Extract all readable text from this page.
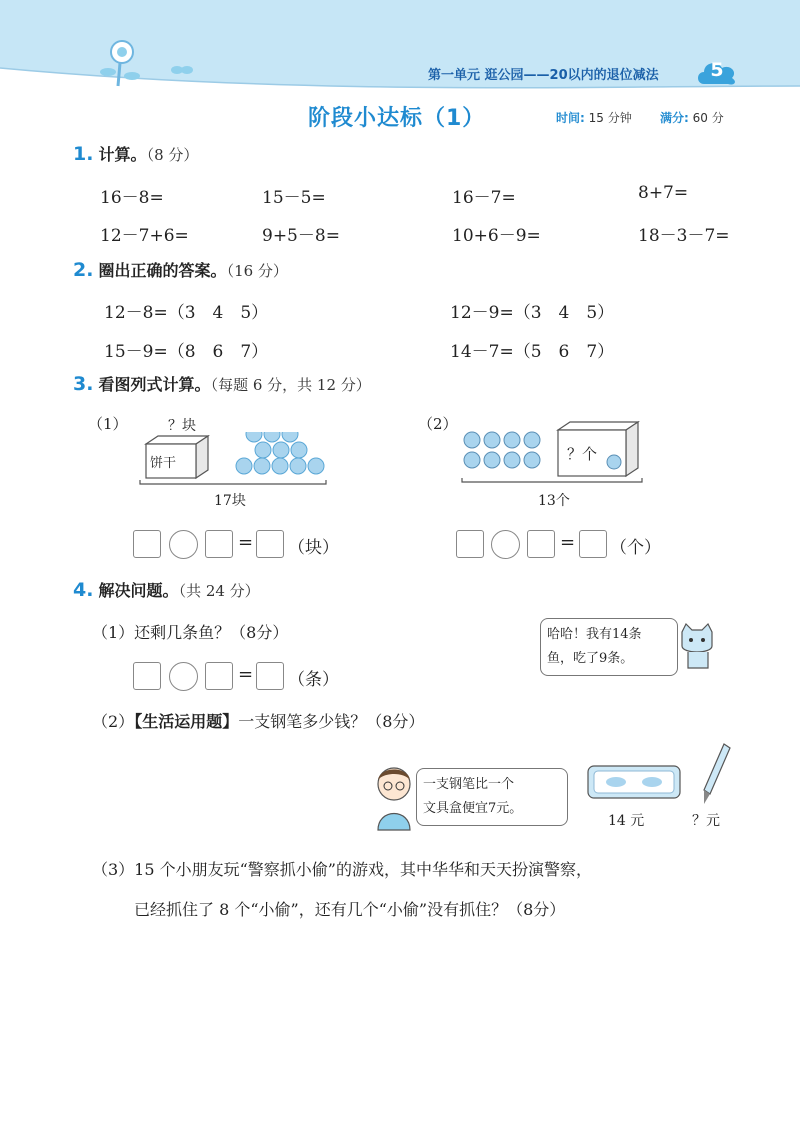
第一单元 逛公园——20以内的退位减法	5
阶段小达标（1）	时间: 15 分钟 满分: 60 分
1. 计算。（8 分）
16－8=	15－5=	16－7=	8+7=
12－7+6=	9+5－8=	10+6－9=	18－3－7=
2. 圈出正确的答案。（16 分）
12－8=（3　4　5）	12－9=（3　4　5）
15－9=（8　6　7）	14－7=（5　6　7）
3. 看图列式计算。（每题 6 分，共 12 分）
（1）	？块
饼干
17块
= （块）
（2）
？个
13个
= （个）
4. 解决问题。（共 24 分）
（1）还剩几条鱼？（8分）	哈哈！我有14条
鱼，吃了9条。
= （条）
（2）【生活运用题】一支钢笔多少钱？（8分）
一支钢笔比一个
文具盒便宜7元。
14 元	？元
（3）15 个小朋友玩“警察抓小偷”的游戏，其中华华和天天扮演警察，
已经抓住了 8 个“小偷”，还有几个“小偷”没有抓住？（8分）
